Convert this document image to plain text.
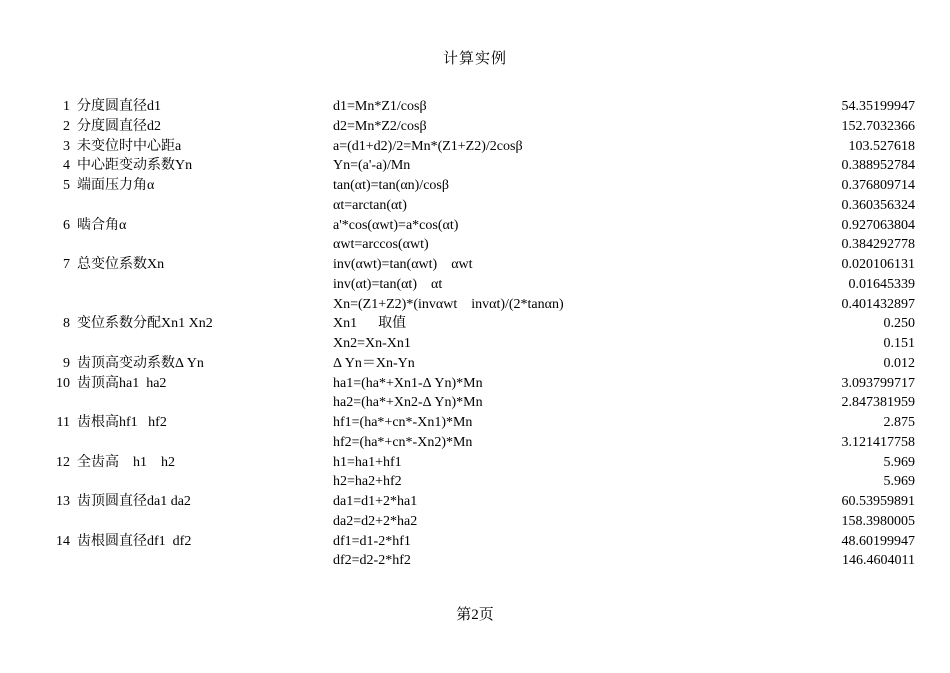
计算实例
1 分度圆直径d1	d1=Mn*Z1/cosβ	54.35199947
2 分度圆直径d2	d2=Mn*Z2/cosβ	152.7032366
3 未变位时中心距a	a=(d1+d2)/2=Mn*(Z1+Z2)/2cosβ	103.527618
4 中心距变动系数Yn	Yn=(a'-a)/Mn	0.388952784
5 端面压力角α	tan(αt)=tan(αn)/cosβ	0.376809714
αt=arctan(αt)	0.360356324
6 啮合角α	a'*cos(αwt)=a*cos(αt)	0.927063804
αwt=arccos(αwt)	0.384292778
7 总变位系数Xn	inv(αwt)=tan(αwt)    αwt	0.020106131
inv(αt)=tan(αt)    αt	0.01645339
Xn=(Z1+Z2)*(invαwt    invαt)/(2*tanαn)	0.401432897
8 变位系数分配Xn1 Xn2	Xn1      取值	0.250
Xn2=Xn-Xn1	0.151
9 齿顶高变动系数Δ Yn	Δ Yn＝Xn-Yn	0.012
10 齿顶高ha1  ha2	ha1=(ha*+Xn1-Δ Yn)*Mn	3.093799717
ha2=(ha*+Xn2-Δ Yn)*Mn	2.847381959
11 齿根高hf1   hf2	hf1=(ha*+cn*-Xn1)*Mn	2.875
hf2=(ha*+cn*-Xn2)*Mn	3.121417758
12 全齿高    h1    h2	h1=ha1+hf1	5.969
h2=ha2+hf2	5.969
13 齿顶圆直径da1 da2	da1=d1+2*ha1	60.53959891
da2=d2+2*ha2	158.3980005
14 齿根圆直径df1  df2	df1=d1-2*hf1	48.60199947
df2=d2-2*hf2	146.4604011
第2页
